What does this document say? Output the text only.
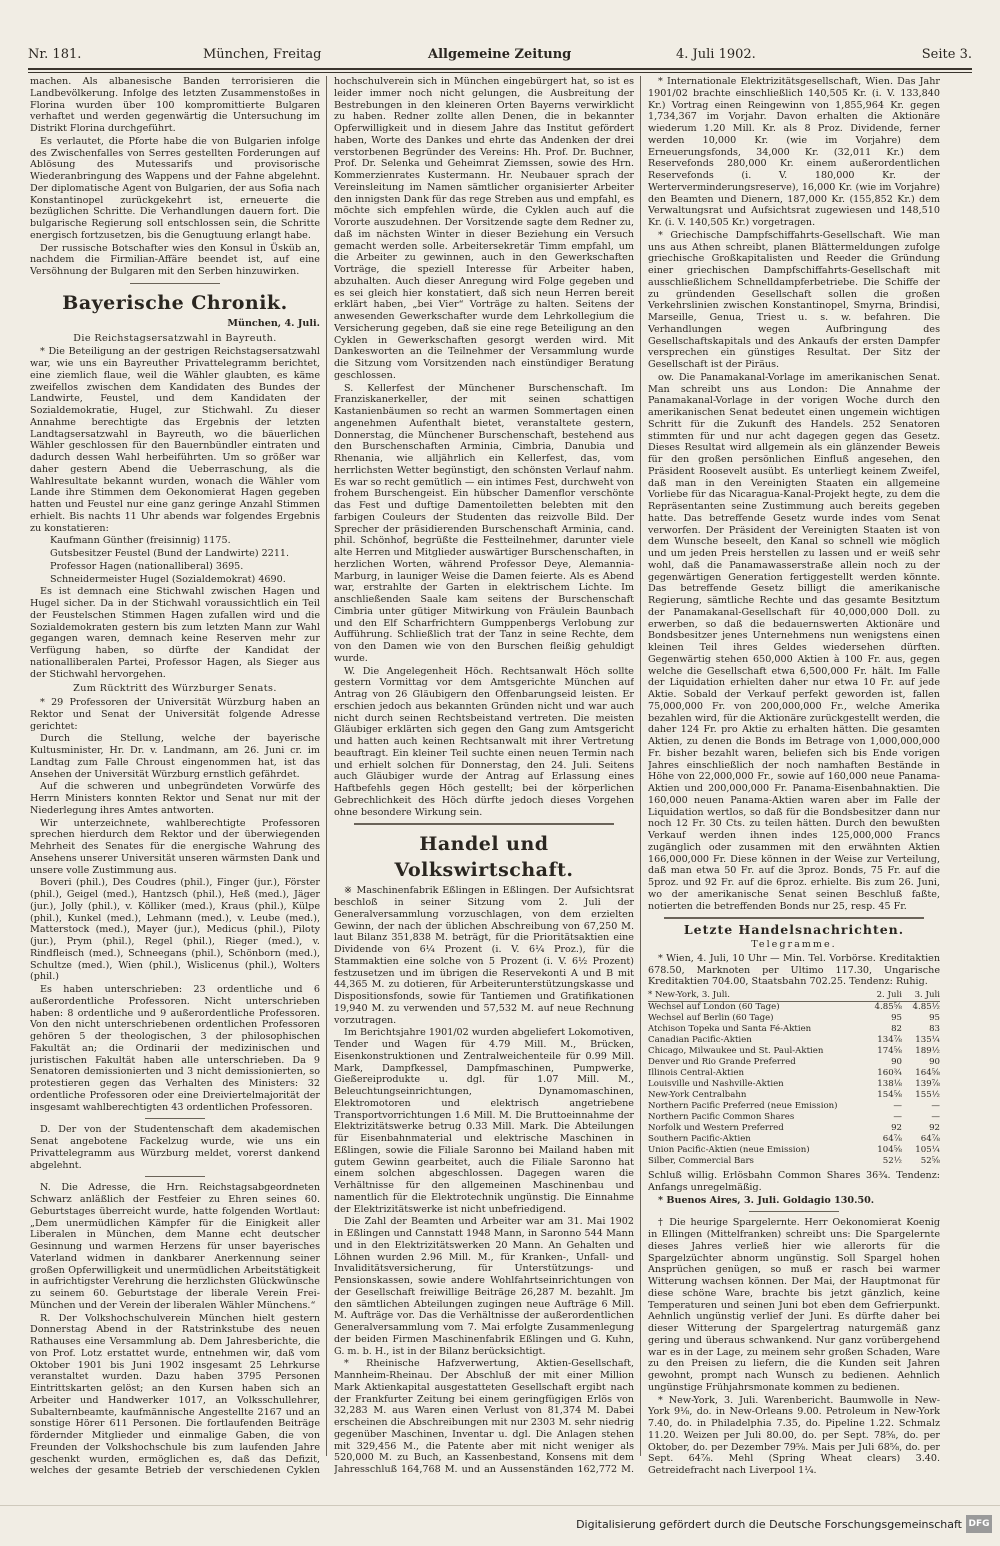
Nr. 181.	München, Freitag	Allgemeine Zeitung	4. Juli 1902.	Seite 3.

machen. Als albanesische Banden terrorisieren die Landbevölkerung. Infolge des letzten Zusammenstoßes in Florina wurden über 100 kompromittierte Bulgaren verhaftet und werden gegenwärtig die Untersuchung im Distrikt Florina durchgeführt.

Es verlautet, die Pforte habe die von Bulgarien infolge des Zwischenfalles von Serres gestellten Forderungen auf Ablösung des Mutessarifs und provisorische Wiederanbringung des Wappens und der Fahne abgelehnt. Der diplomatische Agent von Bulgarien, der aus Sofia nach Konstantinopel zurückgekehrt ist, erneuerte die bezüglichen Schritte. Die Verhandlungen dauern fort. Die bulgarische Regierung soll entschlossen sein, die Schritte energisch fortzusetzen, bis die Genugtuung erlangt habe.

Der russische Botschafter wies den Konsul in Üsküb an, nachdem die Firmilian-Affäre beendet ist, auf eine Versöhnung der Bulgaren mit den Serben hinzuwirken.

Bayerische Chronik.
München, 4. Juli.
Die Reichstagsersatzwahl in Bayreuth.

* Die Beteiligung an der gestrigen Reichstagsersatzwahl war, wie uns ein Bayreuther Privattelegramm berichtet, eine ziemlich flaue, weil die Wähler glaubten, es käme zweifellos zwischen dem Kandidaten des Bundes der Landwirte, Feustel, und dem Kandidaten der Sozialdemokratie, Hugel, zur Stichwahl. Zu dieser Annahme berechtigte das Ergebnis der letzten Landtagsersatzwahl in Bayreuth, wo die bäuerlichen Wähler geschlossen für den Bauernbündler eintraten und dadurch dessen Wahl herbeiführten. Um so größer war daher gestern Abend die Ueberraschung, als die Wahlresultate bekannt wurden, wonach die Wähler vom Lande ihre Stimmen dem Oekonomierat Hagen gegeben hatten und Feustel nur eine ganz geringe Anzahl Stimmen erhielt. Bis nachts 11 Uhr abends war folgendes Ergebnis zu konstatieren:

Kaufmann Günther (freisinnig) 1175.

Gutsbesitzer Feustel (Bund der Landwirte) 2211.

Professor Hagen (nationalliberal) 3695.

Schneidermeister Hugel (Sozialdemokrat) 4690.

Es ist demnach eine Stichwahl zwischen Hagen und Hugel sicher. Da in der Stichwahl voraussichtlich ein Teil der Feustelschen Stimmen Hagen zufallen wird und die Sozialdemokraten gestern bis zum letzten Mann zur Wahl gegangen waren, demnach keine Reserven mehr zur Verfügung haben, so dürfte der Kandidat der nationalliberalen Partei, Professor Hagen, als Sieger aus der Stichwahl hervorgehen.

Zum Rücktritt des Würzburger Senats.

* 29 Professoren der Universität Würzburg haben an Rektor und Senat der Universität folgende Adresse gerichtet:

Durch die Stellung, welche der bayerische Kultusminister, Hr. Dr. v. Landmann, am 26. Juni cr. im Landtag zum Falle Chroust eingenommen hat, ist das Ansehen der Universität Würzburg ernstlich gefährdet.

Auf die schweren und unbegründeten Vorwürfe des Herrn Ministers konnten Rektor und Senat nur mit der Niederlegung ihres Amtes antworten.

Wir unterzeichnete, wahlberechtigte Professoren sprechen hierdurch dem Rektor und der überwiegenden Mehrheit des Senates für die energische Wahrung des Ansehens unserer Universität unseren wärmsten Dank und unsere volle Zustimmung aus.

Boveri (phil.), Des Coudres (phil.), Finger (jur.), Förster (phil.), Geigel (med.), Hantzsch (phil.), Heß (med.), Jäger (jur.), Jolly (phil.), v. Kölliker (med.), Kraus (phil.), Külpe (phil.), Kunkel (med.), Lehmann (med.), v. Leube (med.), Matterstock (med.), Mayer (jur.), Medicus (phil.), Piloty (jur.), Prym (phil.), Regel (phil.), Rieger (med.), v. Rindfleisch (med.), Schneegans (phil.), Schönborn (med.), Schultze (med.), Wien (phil.), Wislicenus (phil.), Wolters (phil.)

Es haben unterschrieben: 23 ordentliche und 6 außerordentliche Professoren. Nicht unterschrieben haben: 8 ordentliche und 9 außerordentliche Professoren. Von den nicht unterschriebenen ordentlichen Professoren gehören 5 der theologischen, 3 der philosophischen Fakultät an; die Ordinarii der medizinischen und juristischen Fakultät haben alle unterschrieben. Da 9 Senatoren demissionierten und 3 nicht demissionierten, so protestieren gegen das Verhalten des Ministers: 32 ordentliche Professoren oder eine Dreiviertelmajorität der insgesamt wahlberechtigten 43 ordentlichen Professoren.

D. Der von der Studentenschaft dem akademischen Senat angebotene Fackelzug wurde, wie uns ein Privattelegramm aus Würzburg meldet, vorerst dankend abgelehnt.

N. Die Adresse, die Hrn. Reichstagsabgeordneten Schwarz anläßlich der Festfeier zu Ehren seines 60. Geburtstages überreicht wurde, hatte folgenden Wortlaut: „Dem unermüdlichen Kämpfer für die Einigkeit aller Liberalen in München, dem Manne echt deutscher Gesinnung und warmen Herzens für unser bayerisches Vaterland widmen in dankbarer Anerkennung seiner großen Opferwilligkeit und unermüdlichen Arbeitstätigkeit in aufrichtigster Verehrung die herzlichsten Glückwünsche zu seinem 60. Geburtstage der liberale Verein Frei-München und der Verein der liberalen Wähler Münchens.“

R. Der Volkshochschulverein München hielt gestern Donnerstag Abend in der Ratstrinkstube des neuen Rathauses eine Versammlung ab. Dem Jahresberichte, die von Prof. Lotz erstattet wurde, entnehmen wir, daß vom Oktober 1901 bis Juni 1902 insgesamt 25 Lehrkurse veranstaltet wurden. Dazu haben 3795 Personen Eintrittskarten gelöst; an den Kursen haben sich an Arbeiter und Handwerker 1017, an Volksschullehrer, Subalternbeamte, kaufmännische Angestellte 2167 und an sonstige Hörer 611 Personen. Die fortlaufenden Beiträge fördernder Mitglieder und einmalige Gaben, die von Freunden der Volkshochschule bis zum laufenden Jahre geschenkt wurden, ermöglichen es, daß das Defizit, welches der gesamte Betrieb der verschiedenen Cyklen

hochschulverein sich in München eingebürgert hat, so ist es leider immer noch nicht gelungen, die Ausbreitung der Bestrebungen in den kleineren Orten Bayerns verwirklicht zu haben. Redner zollte allen Denen, die in bekannter Opferwilligkeit und in diesem Jahre das Institut gefördert haben, Worte des Dankes und ehrte das Andenken der drei verstorbenen Begründer des Vereins: Hh. Prof. Dr. Buchner, Prof. Dr. Selenka und Geheimrat Ziemssen, sowie des Hrn. Kommerzienrates Kustermann. Hr. Neubauer sprach der Vereinsleitung im Namen sämtlicher organisierter Arbeiter den innigsten Dank für das rege Streben aus und empfahl, es möchte sich empfehlen würde, die Cyklen auch auf die Vororte auszudehnen. Der Vorsitzende sagte dem Redner zu, daß im nächsten Winter in dieser Beziehung ein Versuch gemacht werden solle. Arbeitersekretär Timm empfahl, um die Arbeiter zu gewinnen, auch in den Gewerkschaften Vorträge, die speziell Interesse für Arbeiter haben, abzuhalten. Auch dieser Anregung wird Folge gegeben und es sei gleich hier konstatiert, daß sich neun Herren bereit erklärt haben, „bei Vier“ Vorträge zu halten. Seitens der anwesenden Gewerkschafter wurde dem Lehrkollegium die Versicherung gegeben, daß sie eine rege Beteiligung an den Cyklen in Gewerkschaften gesorgt werden wird. Mit Dankesworten an die Teilnehmer der Versammlung wurde die Sitzung vom Vorsitzenden nach einstündiger Beratung geschlossen.

S. Kellerfest der Münchener Burschenschaft. Im Franziskanerkeller, der mit seinen schattigen Kastanienbäumen so recht an warmen Sommertagen einen angenehmen Aufenthalt bietet, veranstaltete gestern, Donnerstag, die Münchener Burschenschaft, bestehend aus den Burschenschaften Arminia, Cimbria, Danubia und Rhenania, wie alljährlich ein Kellerfest, das, vom herrlichsten Wetter begünstigt, den schönsten Verlauf nahm. Es war so recht gemütlich — ein intimes Fest, durchweht von frohem Burschengeist. Ein hübscher Damenflor verschönte das Fest und duftige Damentoiletten belebten mit den farbigen Couleurs der Studenten das reizvolle Bild. Der Sprecher der präsidierenden Burschenschaft Arminia, cand. phil. Schönhof, begrüßte die Festteilnehmer, darunter viele alte Herren und Mitglieder auswärtiger Burschenschaften, in herzlichen Worten, während Professor Deye, Alemannia-Marburg, in launiger Weise die Damen feierte. Als es Abend war, erstrahlte der Garten in elektrischem Lichte. Im anschließenden Saale kam seitens der Burschenschaft Cimbria unter gütiger Mitwirkung von Fräulein Baunbach und den Elf Scharfrichtern Gumppenbergs Verlobung zur Aufführung. Schließlich trat der Tanz in seine Rechte, dem von den Damen wie von den Burschen fleißig gehuldigt wurde.

W. Die Angelegenheit Höch. Rechtsanwalt Höch sollte gestern Vormittag vor dem Amtsgerichte München auf Antrag von 26 Gläubigern den Offenbarungseid leisten. Er erschien jedoch aus bekannten Gründen nicht und war auch nicht durch seinen Rechtsbeistand vertreten. Die meisten Gläubiger erklärten sich gegen den Gang zum Amtsgericht und hatten auch keinen Rechtsanwalt mit ihrer Vertretung beauftragt. Ein kleiner Teil suchte einen neuen Termin nach und erhielt solchen für Donnerstag, den 24. Juli. Seitens auch Gläubiger wurde der Antrag auf Erlassung eines Haftbefehls gegen Höch gestellt; bei der körperlichen Gebrechlichkeit des Höch dürfte jedoch dieses Vorgehen ohne besondere Wirkung sein.

Handel und Volkswirtschaft.

※ Maschinenfabrik Eßlingen in Eßlingen. Der Aufsichtsrat beschloß in seiner Sitzung vom 2. Juli der Generalversammlung vorzuschlagen, von dem erzielten Gewinn, der nach der üblichen Abschreibung von 67,250 M. laut Bilanz 351,838 M. beträgt, für die Prioritätsaktien eine Dividende von 6¼ Prozent (i. V. 6¼ Proz.), für die Stammaktien eine solche von 5 Prozent (i. V. 6½ Prozent) festzusetzen und im übrigen die Reservekonti A und B mit 44,365 M. zu dotieren, für Arbeiterunterstützungskasse und Dispositionsfonds, sowie für Tantiemen und Gratifikationen 19,940 M. zu verwenden und 57,532 M. auf neue Rechnung vorzutragen.

Im Berichtsjahre 1901/02 wurden abgeliefert Lokomotiven, Tender und Wagen für 4.79 Mill. M., Brücken, Eisenkonstruktionen und Zentralweichenteile für 0.99 Mill. Mark, Dampfkessel, Dampfmaschinen, Pumpwerke, Gießereiprodukte u. dgl. für 1.07 Mill. M., Beleuchtungseinrichtungen, Dynamomaschinen, Elektromotoren und elektrisch angetriebene Transportvorrichtungen 1.6 Mill. M. Die Bruttoeinnahme der Elektrizitätswerke betrug 0.33 Mill. Mark. Die Abteilungen für Eisenbahnmaterial und elektrische Maschinen in Eßlingen, sowie die Filiale Saronno bei Mailand haben mit gutem Gewinn gearbeitet, auch die Filiale Saronno hat einem solchen abgeschlossen. Dagegen waren die Verhältnisse für den allgemeinen Maschinenbau und namentlich für die Elektrotechnik ungünstig. Die Einnahme der Elektrizitätswerke ist nicht unbefriedigend.

Die Zahl der Beamten und Arbeiter war am 31. Mai 1902 in Eßlingen und Cannstatt 1948 Mann, in Saronno 544 Mann und in den Elektrizitätswerken 20 Mann. An Gehalten und Löhnen wurden 2.96 Mill. M., für Kranken-, Unfall- und Invaliditätsversicherung, für Unterstützungs- und Pensionskassen, sowie andere Wohlfahrtseinrichtungen von der Gesellschaft freiwillige Beiträge 26,287 M. bezahlt. Jm den sämtlichen Abteilungen zugingen neue Aufträge 6 Mill. M. Aufträge vor. Das die Verhältnisse der außerordentlichen Generalversammlung vom 7. Mai erfolgte Zusammenlegung der beiden Firmen Maschinenfabrik Eßlingen und G. Kuhn, G. m. b. H., ist in der Bilanz berücksichtigt.

* Rheinische Hafzverwertung, Aktien-Gesellschaft, Mannheim-Rheinau. Der Abschluß der mit einer Million Mark Aktienkapital ausgestatteten Gesellschaft ergibt nach der Frankfurter Zeitung bei einem geringfügigen Erlös von 32,283 M. aus Waren einen Verlust von 81,374 M. Dabei erscheinen die Abschreibungen mit nur 2303 M. sehr niedrig gegenüber Maschinen, Inventar u. dgl. Die Anlagen stehen mit 329,456 M., die Patente aber mit nicht weniger als 520,000 M. zu Buch, an Kassenbestand, Konsens mit dem Jahresschluß 164,768 M. und an Aussenständen 162,772 M.

* Internationale Elektrizitätsgesellschaft, Wien. Das Jahr 1901/02 brachte einschließlich 140,505 Kr. (i. V. 133,840 Kr.) Vortrag einen Reingewinn von 1,855,964 Kr. gegen 1,734,367 im Vorjahr. Davon erhalten die Aktionäre wiederum 1.20 Mill. Kr. als 8 Proz. Dividende, ferner werden 10,000 Kr. (wie im Vorjahre) dem Erneuerungsfonds, 34,000 Kr. (32,011 Kr.) dem Reservefonds 280,000 Kr. einem außerordentlichen Reservefonds (i. V. 180,000 Kr. der Werterverminderungsreserve), 16,000 Kr. (wie im Vorjahre) den Beamten und Dienern, 187,000 Kr. (155,852 Kr.) dem Verwaltungsrat und Aufsichtsrat zugewiesen und 148,510 Kr. (i. V. 140,505 Kr.) vorgetragen.

* Griechische Dampfschiffahrts-Gesellschaft. Wie man uns aus Athen schreibt, planen Blättermeldungen zufolge griechische Großkapitalisten und Reeder die Gründung einer griechischen Dampfschiffahrts-Gesellschaft mit ausschließlichem Schnelldampferbetriebe. Die Schiffe der zu gründenden Gesellschaft sollen die großen Verkehrslinien zwischen Konstantinopel, Smyrna, Brindisi, Marseille, Genua, Triest u. s. w. befahren. Die Verhandlungen wegen Aufbringung des Gesellschaftskapitals und des Ankaufs der ersten Dampfer versprechen ein günstiges Resultat. Der Sitz der Gesellschaft ist der Piräus.

ow. Die Panamakanal-Vorlage im amerikanischen Senat. Man schreibt uns aus London: Die Annahme der Panamakanal-Vorlage in der vorigen Woche durch den amerikanischen Senat bedeutet einen ungemein wichtigen Schritt für die Zukunft des Handels. 252 Senatoren stimmten für und nur acht dagegen gegen das Gesetz. Dieses Resultat wird allgemein als ein glänzender Beweis für den großen persönlichen Einfluß angesehen, den Präsident Roosevelt ausübt. Es unterliegt keinem Zweifel, daß man in den Vereinigten Staaten ein allgemeine Vorliebe für das Nicaragua-Kanal-Projekt hegte, zu dem die Repräsentanten seine Zustimmung auch bereits gegeben hatte. Das betreffende Gesetz wurde indes vom Senat verworfen. Der Präsident der Vereinigten Staaten ist von dem Wunsche beseelt, den Kanal so schnell wie möglich und um jeden Preis herstellen zu lassen und er weiß sehr wohl, daß die Panamawasserstraße allein noch zu der gegenwärtigen Generation fertiggestellt werden könnte. Das betreffende Gesetz billigt die amerikanische Regierung, sämtliche Rechte und das gesamte Besitztum der Panamakanal-Gesellschaft für 40,000,000 Doll. zu erwerben, so daß die bedauernswerten Aktionäre und Bondsbesitzer jenes Unternehmens nun wenigstens einen kleinen Teil ihres Geldes wiedersehen dürften. Gegenwärtig stehen 650,000 Aktien à 100 Fr. aus, gegen welche die Gesellschaft etwa 6,500,000 Fr. hält. Im Falle der Liquidation erhielten daher nur etwa 10 Fr. auf jede Aktie. Sobald der Verkauf perfekt geworden ist, fallen 75,000,000 Fr. von 200,000,000 Fr., welche Amerika bezahlen wird, für die Aktionäre zurückgestellt werden, die daher 124 Fr. pro Aktie zu erhalten hätten. Die gesamten Aktien, zu denen die Bonds im Betrage von 1,000,000,000 Fr. bisher bezahlt waren, beliefen sich bis Ende vorigen Jahres einschließlich der noch namhaften Bestände in Höhe von 22,000,000 Fr., sowie auf 160,000 neue Panama-Aktien und 200,000,000 Fr. Panama-Eisenbahnaktien. Die 160,000 neuen Panama-Aktien waren aber im Falle der Liquidation wertlos, so daß für die Bondsbesitzer dann nur noch 12 Fr. 30 Cts. zu teilen hätten. Durch den bewußten Verkauf werden ihnen indes 125,000,000 Francs zugänglich oder zusammen mit den erwähnten Aktien 166,000,000 Fr. Diese können in der Weise zur Verteilung, daß man etwa 50 Fr. auf die 3proz. Bonds, 75 Fr. auf die 5proz. und 92 Fr. auf die 6proz. erhielte. Bis zum 26. Juni, wo der amerikanische Senat seinen Beschluß faßte, notierten die betreffenden Bonds nur 25, resp. 45 Fr.

Letzte Handelsnachrichten.
Telegramme.

* Wien, 4. Juli, 10 Uhr — Min. Tel. Vorbörse. Kreditaktien 678.50, Marknoten per Ultimo 117.30, Ungarische Kreditaktien 704.00, Staatsbahn 702.25. Tendenz: Ruhig.

* New-York, 3. Juli.	2. Juli	3. Juli
Wechsel auf London (60 Tage)	4.85⅝	4.85½
Wechsel auf Berlin (60 Tage)	95	95
Atchison Topeka und Santa Fé-Aktien	82	83
Canadian Pacific-Aktien	134⅞	135¼
Chicago, Milwaukee und St. Paul-Aktien	174⅝	189½
Denver und Rio Grande Preferred	90	90
Illinois Central-Aktien	160¾	164⅝
Louisville und Nashville-Aktien	138⅛	139⅞
New-York Centralbahn	154⅝	155½
Northern Pacific Preferred (neue Emission)	—	—
Northern Pacific Common Shares	—	—
Norfolk und Western Preferred	92	92
Southern Pacific-Aktien	64⅞	64⅞
Union Pacific-Aktien (neue Emission)	104⅝	105¼
Silber, Commercial Bars	52½	52⅝

Schluß willig. Erlösbahn Common Shares 36¾. Tendenz: Anfangs unregelmäßig.

* Buenos Aires, 3. Juli. Goldagio 130.50.

† Die heurige Spargelernte. Herr Oekonomierat Koenig in Ellingen (Mittelfranken) schreibt uns: Die Spargelernte dieses Jahres verließ hier wie allerorts für die Spargelzüchter abnorm ungünstig. Soll Spargel hohen Ansprüchen genügen, so muß er rasch bei warmer Witterung wachsen können. Der Mai, der Hauptmonat für diese schöne Ware, brachte bis jetzt gänzlich, keine Temperaturen und seinen Juni bot eben dem Gefrierpunkt. Aehnlich ungünstig verlief der Juni. Es dürfte daher bei dieser Witterung der Spargelertrag naturgemäß ganz gering und überaus schwankend. Nur ganz vorübergehend war es in der Lage, zu meinem sehr großen Schaden, Ware zu den Preisen zu liefern, die die Kunden seit Jahren gewohnt, prompt nach Wunsch zu bedienen. Aehnlich ungünstige Frühjahrsmonate kommen zu bedienen.

* New-York, 3. Juli. Warenbericht. Baumwolle in New-York 9⅛, do. in New-Orleans 9.00. Petroleum in New-York 7.40, do. in Philadelphia 7.35, do. Pipeline 1.22. Schmalz 11.20. Weizen per Juli 80.00, do. per Sept. 78⅝, do. per Oktober, do. per Dezember 79⅝. Mais per Juli 68⅝, do. per Sept. 64⅞. Mehl (Spring Wheat clears) 3.40. Getreidefracht nach Liverpool 1¼.

Digitalisierung gefördert durch die Deutsche Forschungsgemeinschaft DFG
